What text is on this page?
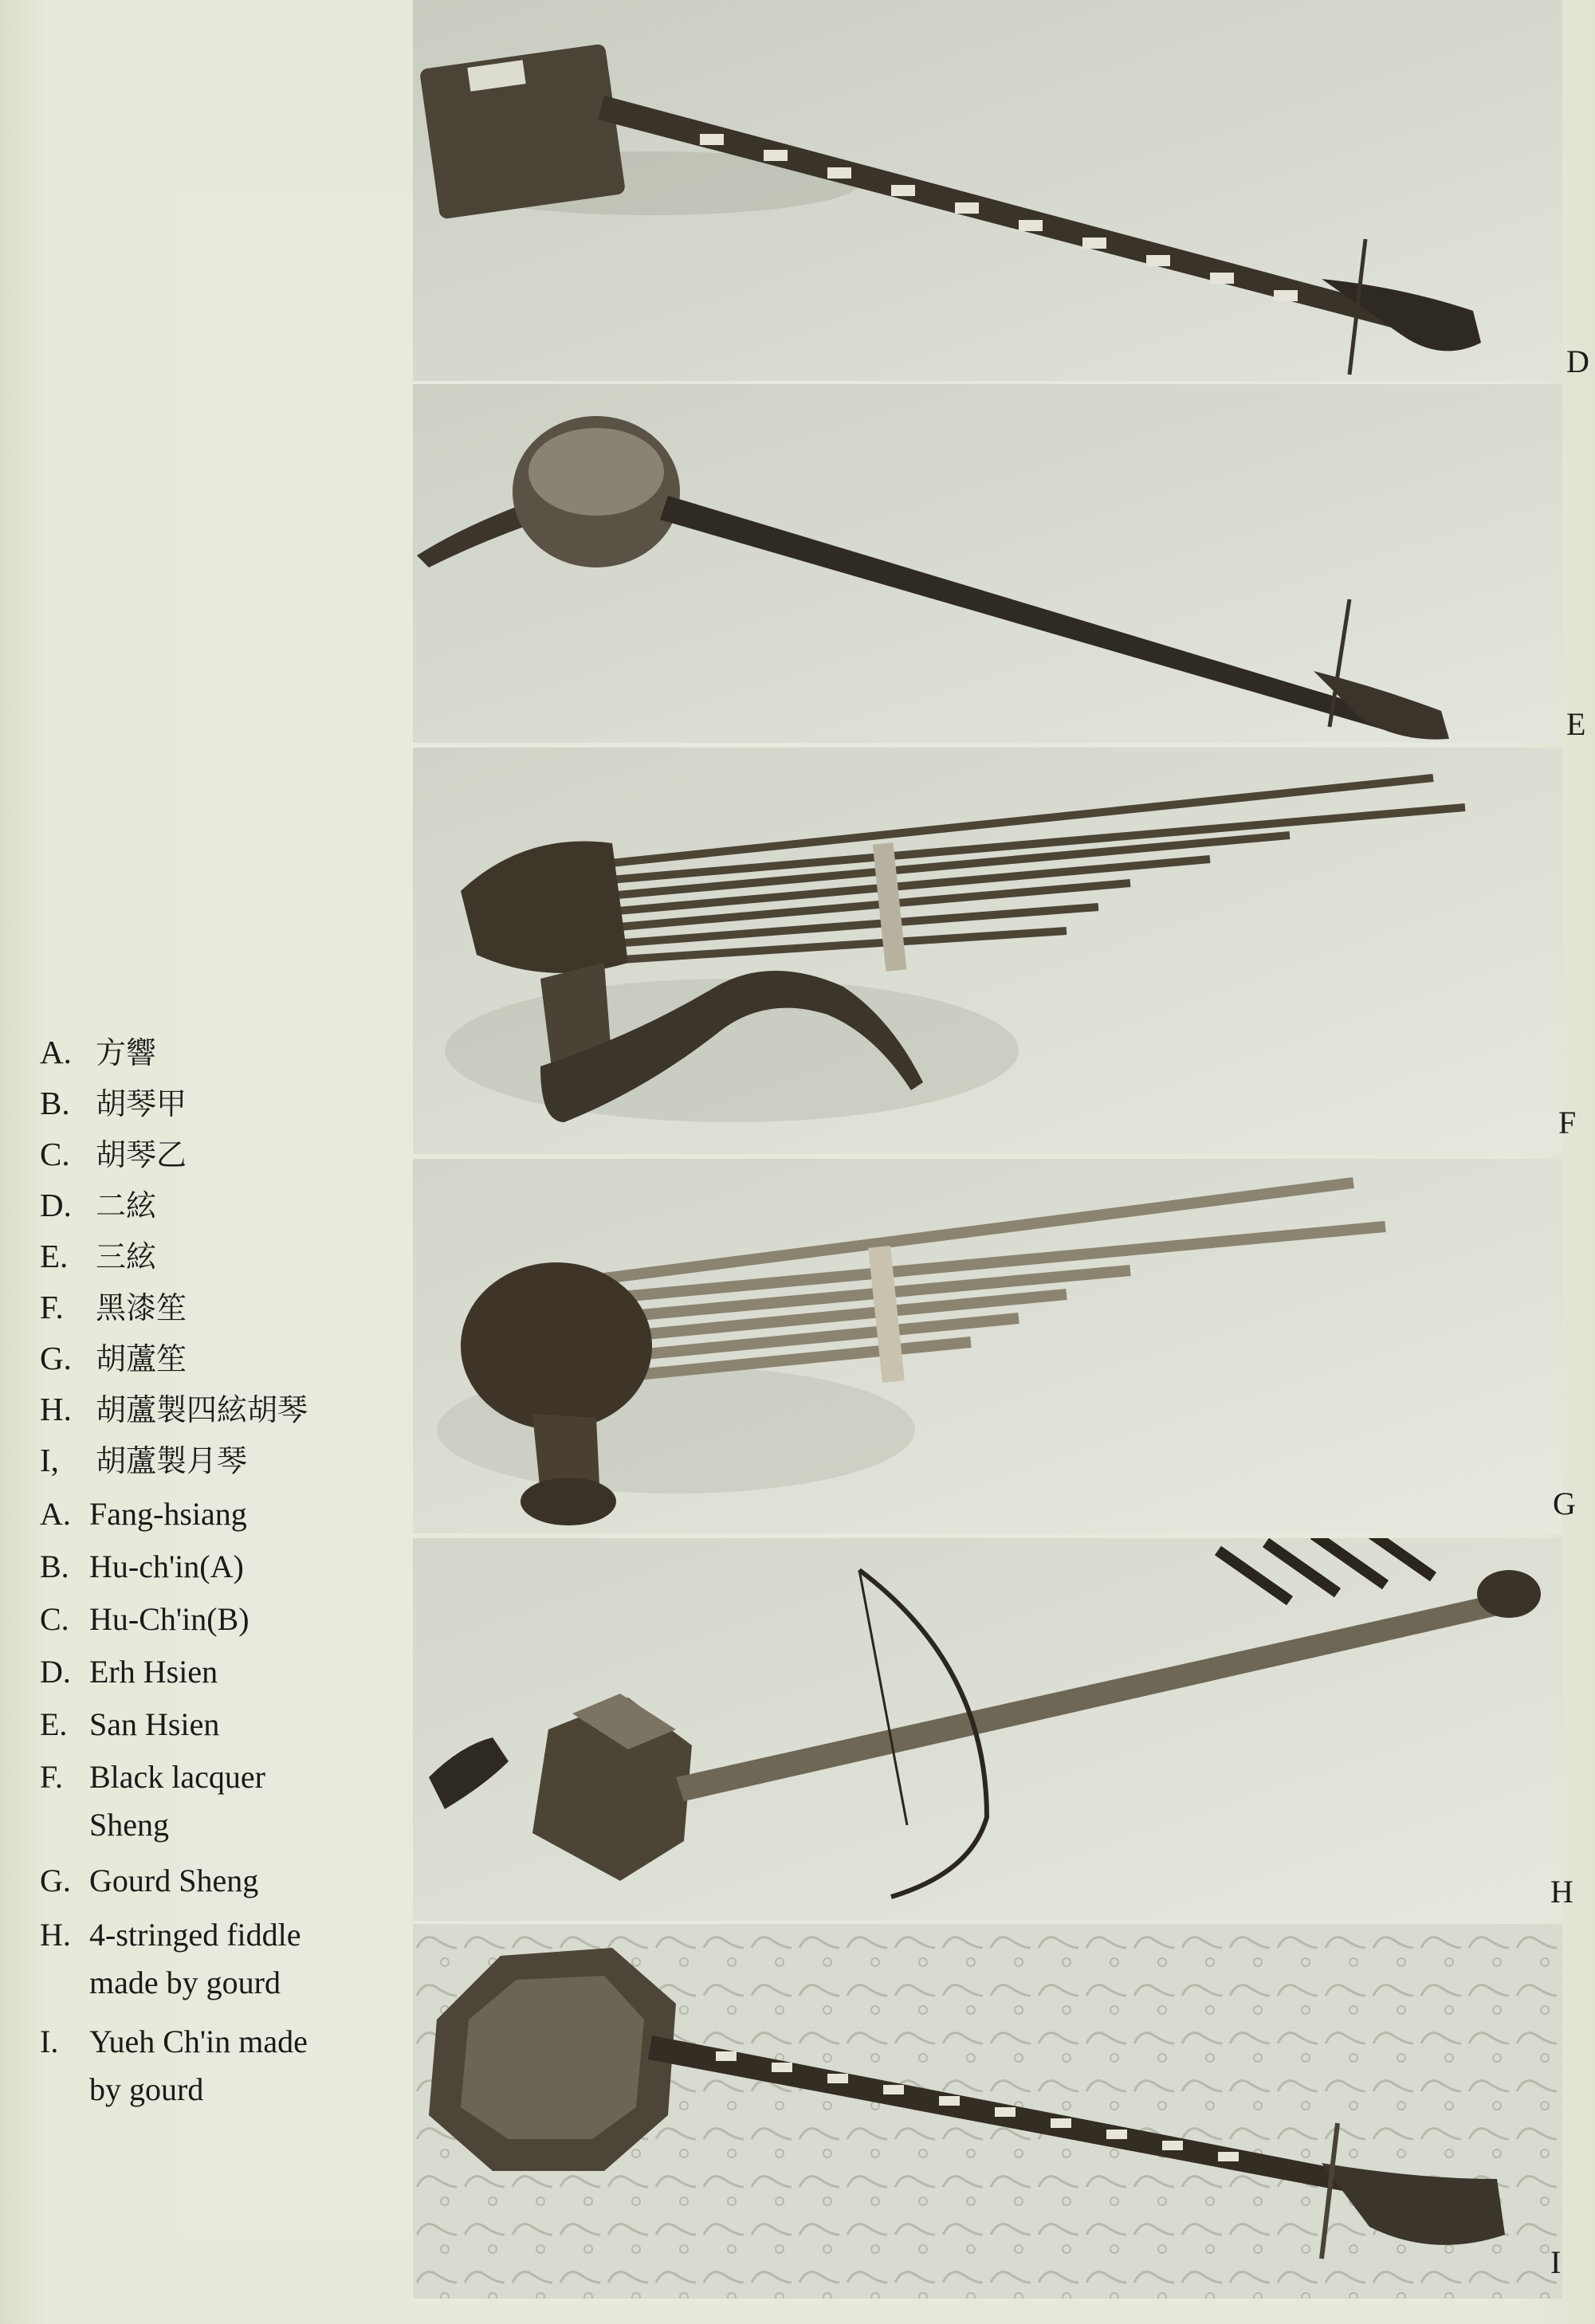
D
E
F
G
H
I
A. 方響
B. 胡琴甲
C. 胡琴乙
D. 二絃
E. 三絃
F. 黑漆笙
G. 胡蘆笙
H. 胡蘆製四絃胡琴
I, 胡蘆製月琴
A. Fang-hsiang
B. Hu-ch'in(A)
C. Hu-Ch'in(B)
D. Erh Hsien
E. San Hsien
F. Black lacquer
Sheng
G. Gourd Sheng
H. 4-stringed fiddle
made by gourd
I. Yueh Ch'in made
by gourd
